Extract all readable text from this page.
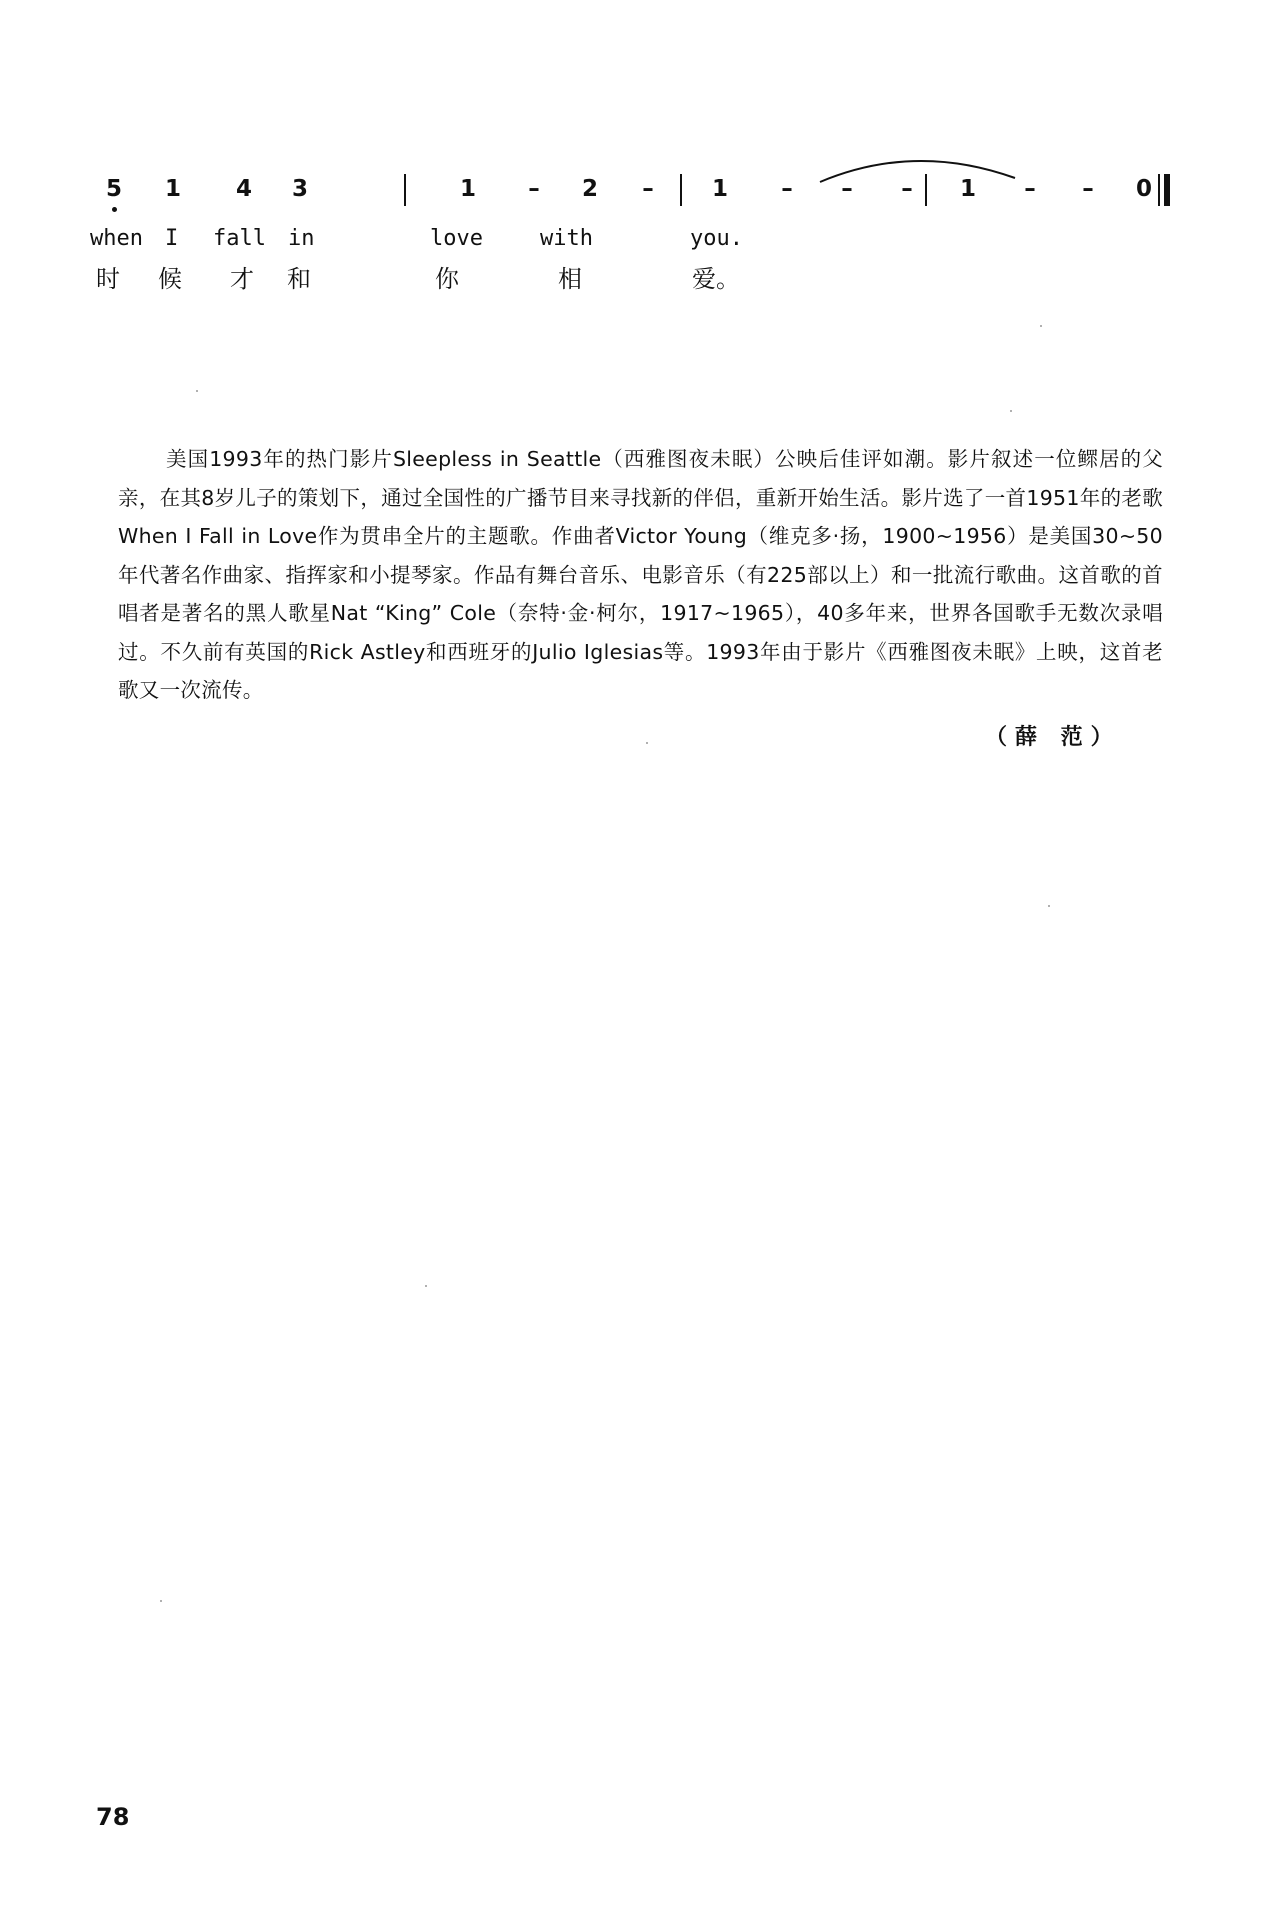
5	1	4	3	1	–	2	–	1	–	–	–	1	–	–	0
when I fall in	love	with	you.
时 候 才 和	你	相	爱。

美国1993年的热门影片Sleepless in Seattle（西雅图夜未眠）公映后佳评如潮。影片叙述一位鳏居的父亲，在其8岁儿子的策划下，通过全国性的广播节目来寻找新的伴侣，重新开始生活。影片选了一首1951年的老歌When I Fall in Love作为贯串全片的主题歌。作曲者Victor Young（维克多·扬，1900~1956）是美国30~50年代著名作曲家、指挥家和小提琴家。作品有舞台音乐、电影音乐（有225部以上）和一批流行歌曲。这首歌的首唱者是著名的黑人歌星Nat “King” Cole（奈特·金·柯尔，1917~1965），40多年来，世界各国歌手无数次录唱过。不久前有英国的Rick Astley和西班牙的Julio Iglesias等。1993年由于影片《西雅图夜未眠》上映，这首老歌又一次流传。

（薛 范）
78
